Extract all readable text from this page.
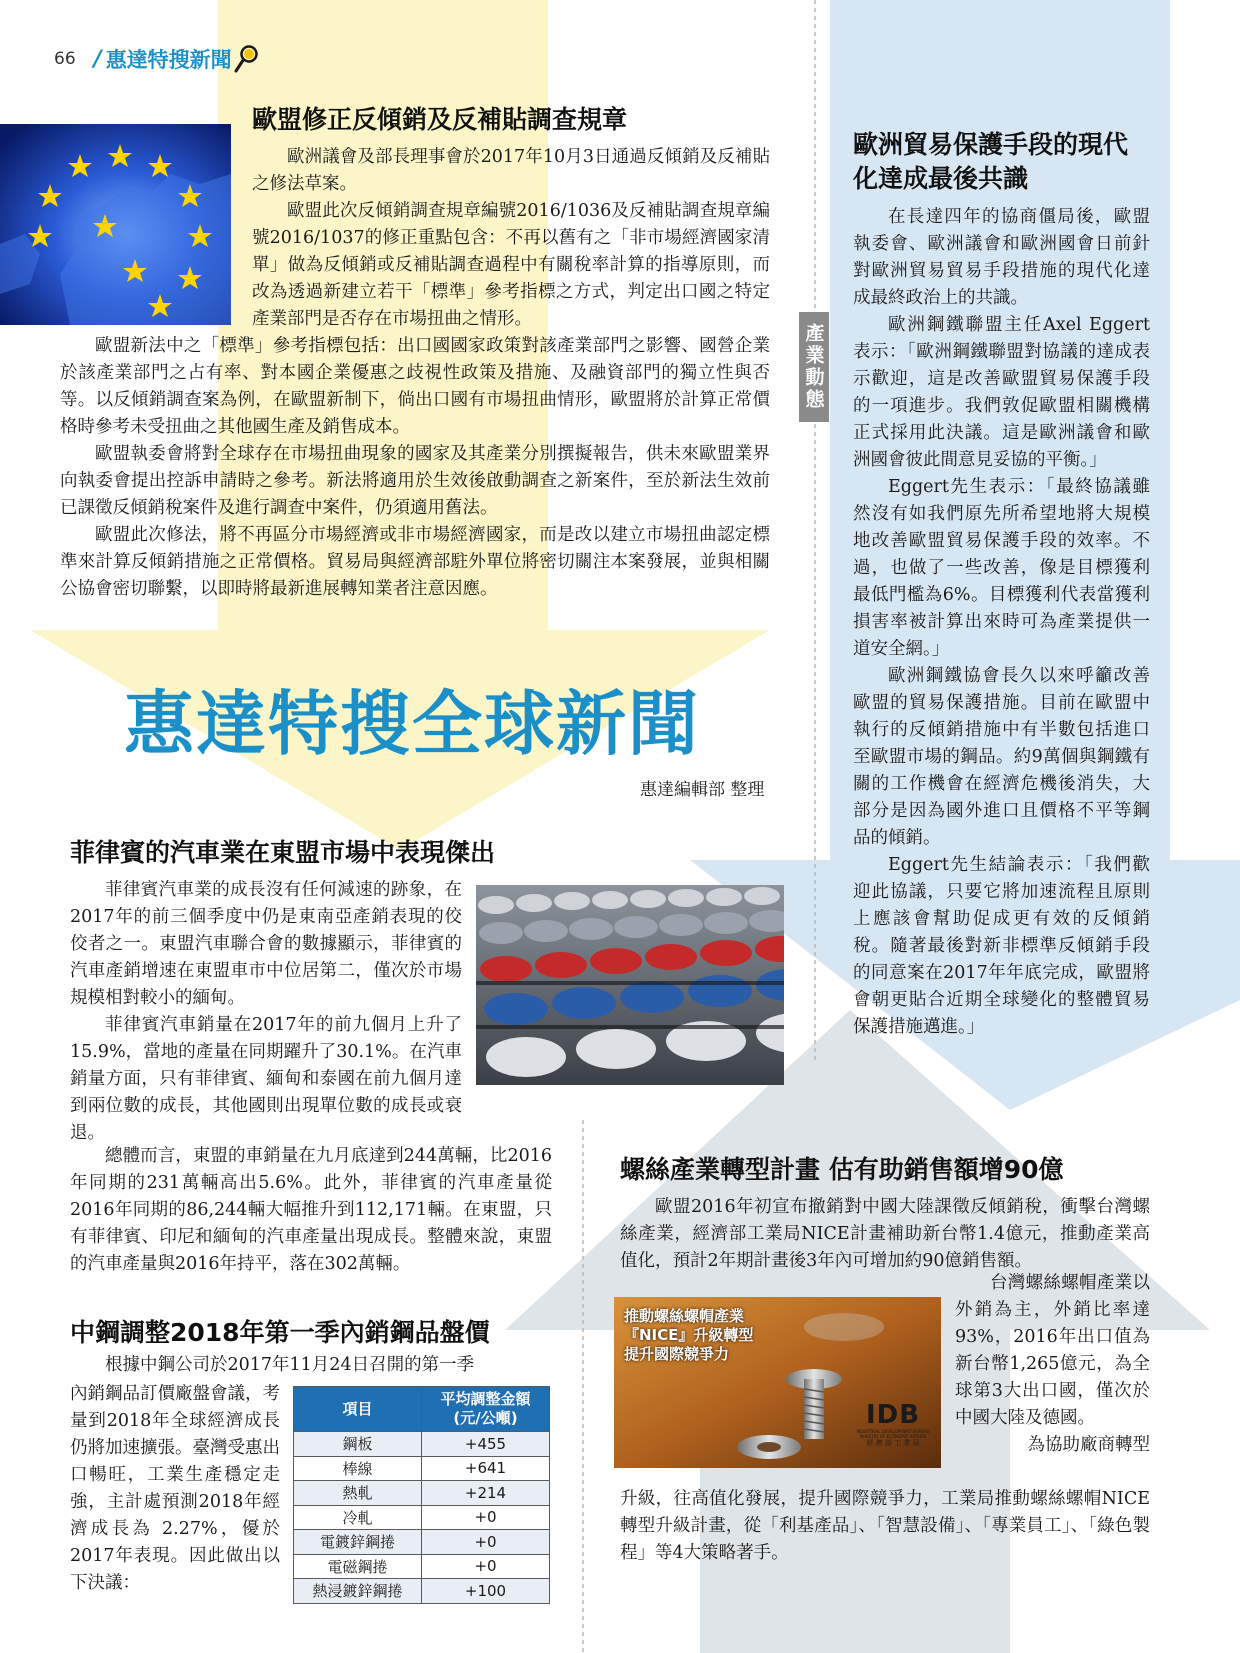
66 / 惠達特搜新聞
歐盟修正反傾銷及反補貼調查規章

歐洲議會及部長理事會於2017年10月3日通過反傾銷及反補貼之修法草案。

歐盟此次反傾銷調查規章編號2016/1036及反補貼調查規章編號2016/1037的修正重點包含：不再以舊有之「非市場經濟國家清單」做為反傾銷或反補貼調查過程中有關稅率計算的指導原則，而改為透過新建立若干「標準」參考指標之方式，判定出口國之特定產業部門是否存在市場扭曲之情形。

歐盟新法中之「標準」參考指標包括：出口國國家政策對該產業部門之影響、國營企業於該產業部門之占有率、對本國企業優惠之歧視性政策及措施、及融資部門的獨立性與否等。以反傾銷調查案為例，在歐盟新制下，倘出口國有市場扭曲情形，歐盟將於計算正常價格時參考未受扭曲之其他國生產及銷售成本。

歐盟執委會將對全球存在市場扭曲現象的國家及其產業分別撰擬報告，供未來歐盟業界向執委會提出控訴申請時之參考。新法將適用於生效後啟動調查之新案件，至於新法生效前已課徵反傾銷稅案件及進行調查中案件，仍須適用舊法。

歐盟此次修法，將不再區分市場經濟或非市場經濟國家，而是改以建立市場扭曲認定標準來計算反傾銷措施之正常價格。貿易局與經濟部駐外單位將密切關注本案發展，並與相關公協會密切聯繫，以即時將最新進展轉知業者注意因應。

產業動態
歐洲貿易保護手段的現代化達成最後共識

在長達四年的協商僵局後，歐盟執委會、歐洲議會和歐洲國會日前針對歐洲貿易貿易手段措施的現代化達成最終政治上的共識。

歐洲鋼鐵聯盟主任Axel Eggert表示：「歐洲鋼鐵聯盟對協議的達成表示歡迎，這是改善歐盟貿易保護手段的一項進步。我們敦促歐盟相關機構正式採用此決議。這是歐洲議會和歐洲國會彼此間意見妥協的平衡。」

Eggert先生表示：「最終協議雖然沒有如我們原先所希望地將大規模地改善歐盟貿易保護手段的效率。不過，也做了一些改善，像是目標獲利最低門檻為6%。目標獲利代表當獲利損害率被計算出來時可為產業提供一道安全網。」

歐洲鋼鐵協會長久以來呼籲改善歐盟的貿易保護措施。目前在歐盟中執行的反傾銷措施中有半數包括進口至歐盟市場的鋼品。約9萬個與鋼鐵有關的工作機會在經濟危機後消失，大部分是因為國外進口且價格不平等鋼品的傾銷。

Eggert先生結論表示：「我們歡迎此協議，只要它將加速流程且原則上應該會幫助促成更有效的反傾銷稅。隨著最後對新非標準反傾銷手段的同意案在2017年年底完成，歐盟將會朝更貼合近期全球變化的整體貿易保護措施邁進。」

惠達特搜全球新聞
惠達編輯部 整理
菲律賓的汽車業在東盟市場中表現傑出

菲律賓汽車業的成長沒有任何減速的跡象，在2017年的前三個季度中仍是東南亞產銷表現的佼佼者之一。東盟汽車聯合會的數據顯示，菲律賓的汽車產銷增速在東盟車市中位居第二，僅次於市場規模相對較小的緬甸。

菲律賓汽車銷量在2017年的前九個月上升了15.9%，當地的產量在同期躍升了30.1%。在汽車銷量方面，只有菲律賓、緬甸和泰國在前九個月達到兩位數的成長，其他國則出現單位數的成長或衰退。

總體而言，東盟的車銷量在九月底達到244萬輛，比2016年同期的231萬輛高出5.6%。此外，菲律賓的汽車產量從2016年同期的86,244輛大幅推升到112,171輛。在東盟，只有菲律賓、印尼和緬甸的汽車產量出現成長。整體來說，東盟的汽車產量與2016年持平，落在302萬輛。

中鋼調整2018年第一季內銷鋼品盤價

根據中鋼公司於2017年11月24日召開的第一季

內銷鋼品訂價廠盤會議，考量到2018年全球經濟成長仍將加速擴張。臺灣受惠出口暢旺，工業生產穩定走強，主計處預測2018年經濟成長為 2.27%，優於2017年表現。因此做出以下決議：

項目	平均調整金額
(元/公噸)
鋼板	+455
棒線	+641
熱軋	+214
冷軋	+0
電鍍鋅鋼捲	+0
電磁鋼捲	+0
熱浸鍍鋅鋼捲	+100
螺絲產業轉型計畫 估有助銷售額增90億

歐盟2016年初宣布撤銷對中國大陸課徵反傾銷稅，衝擊台灣螺絲產業，經濟部工業局NICE計畫補助新台幣1.4億元，推動產業高值化，預計2年期計畫後3年內可增加約90億銷售額。

台灣螺絲螺帽產業以外銷為主，外銷比率達93%，2016年出口值為新台幣1,265億元，為全球第3大出口國，僅次於中國大陸及德國。

為協助廠商轉型

升級，往高值化發展，提升國際競爭力，工業局推動螺絲螺帽NICE轉型升級計畫，從「利基產品」、「智慧設備」、「專業員工」、「綠色製程」等4大策略著手。

推動螺絲螺帽產業
『NICE』升級轉型
提升國際競爭力
IDB
INDUSTRIAL DEVELOPMENT BUREAU
MINISTRY OF ECONOMIC AFFAIRS
經 濟 部 工 業 局
